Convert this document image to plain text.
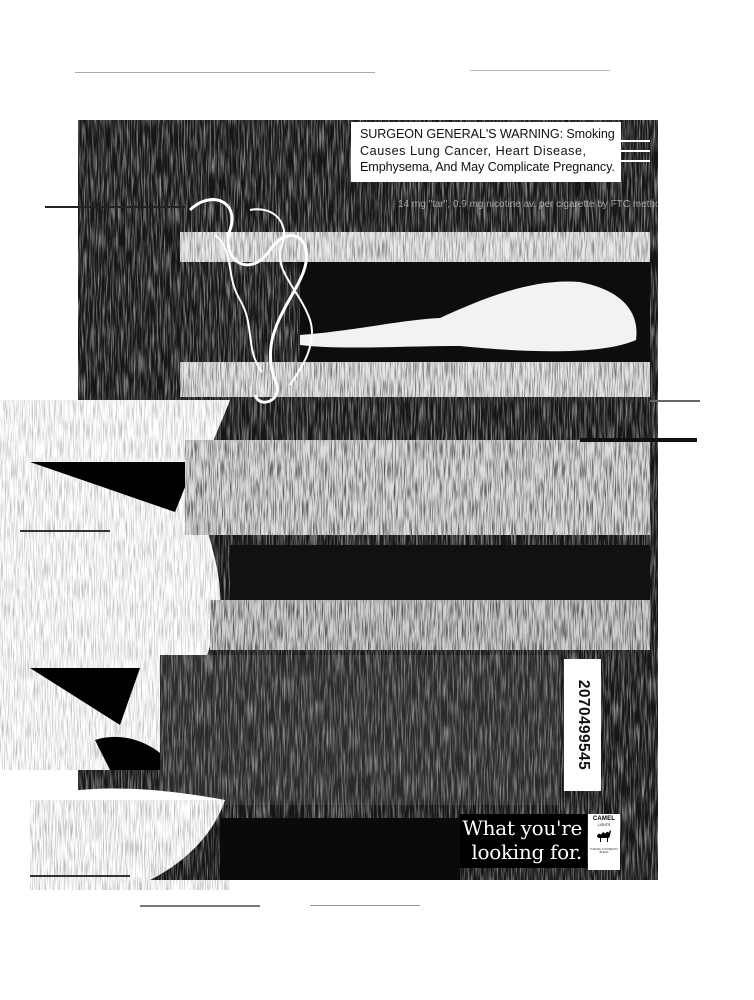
SURGEON GENERAL'S WARNING: Smoking
Causes Lung Cancer, Heart Disease,
Emphysema, And May Complicate Pregnancy.
14 mg "tar", 0.9 mg nicotine av. per cigarette by FTC method.
2070499545
What you're
looking for.
CAMEL
LIGHTS
TURKISH & DOMESTIC BLEND
